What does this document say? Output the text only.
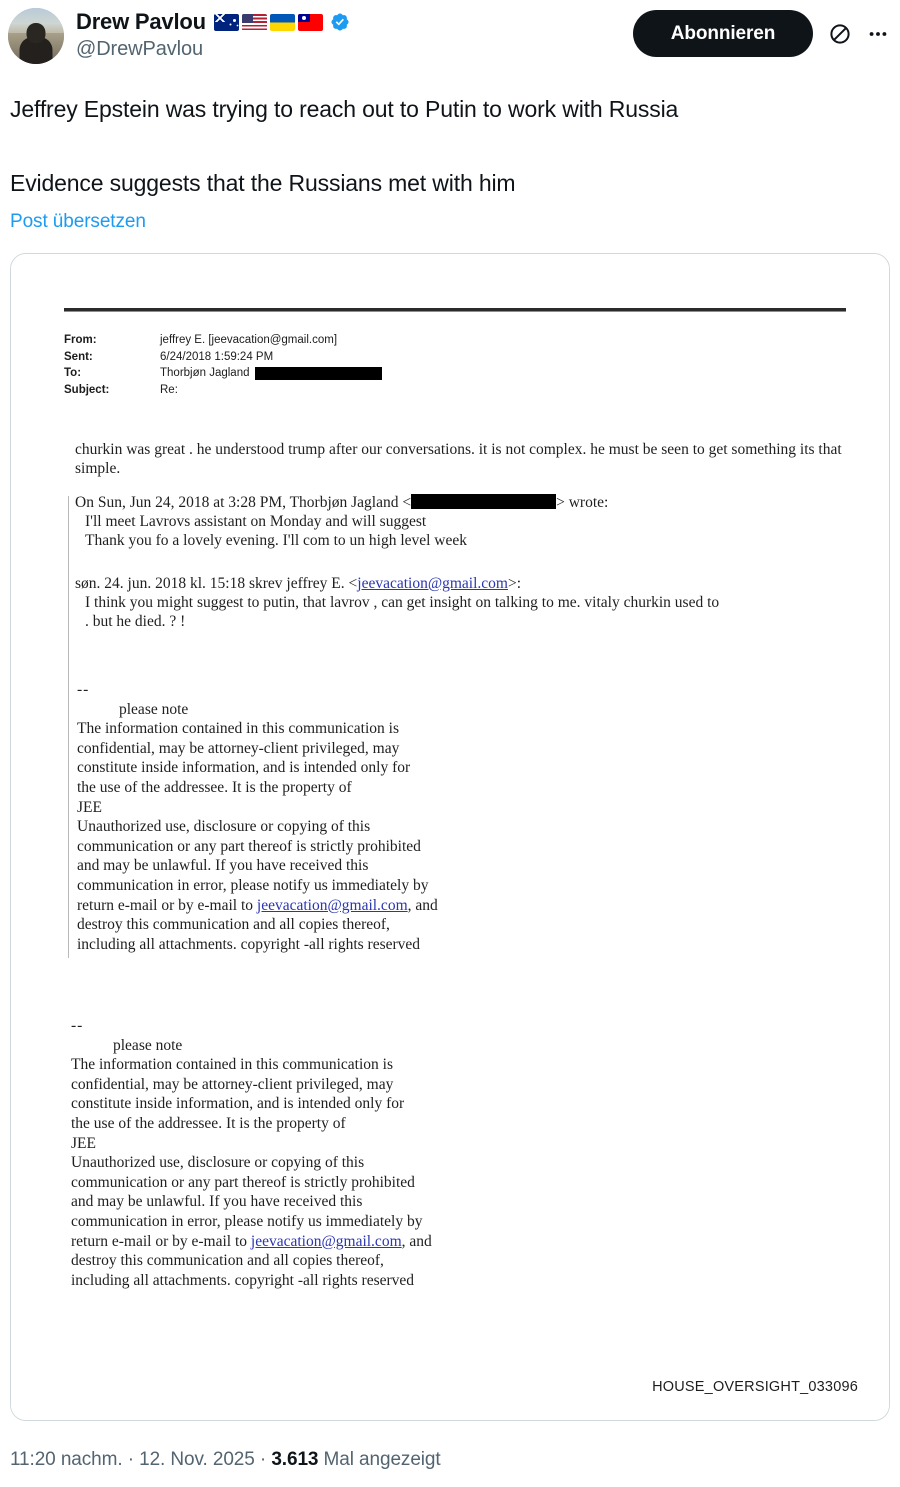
Drew Pavlou
@DrewPavlou
Abonnieren

Jeffrey Epstein was trying to reach out to Putin to work with Russia

Evidence suggests that the Russians met with him

Post übersetzen
From:	jeffrey E. [jeevacation@gmail.com]
Sent:	6/24/2018 1:59:24 PM
To:	Thorbjøn Jagland
Subject:	Re:
churkin was great . he understood trump after our conversations. it is not complex. he must be seen to get something its that simple.
On Sun, Jun 24, 2018 at 3:28 PM, Thorbjøn Jagland <	> wrote:
I'll meet Lavrovs assistant on Monday and will suggest
Thank you fo a lovely evening. I'll com to un high level week
søn. 24. jun. 2018 kl. 15:18 skrev jeffrey E. <jeevacation@gmail.com>:
I think you might suggest to putin, that lavrov , can get insight on talking to me. vitaly churkin used to
. but he died. ? !
--
please note
The information contained in this communication is
confidential, may be attorney-client privileged, may
constitute inside information, and is intended only for
the use of the addressee. It is the property of
JEE
Unauthorized use, disclosure or copying of this
communication or any part thereof is strictly prohibited
and may be unlawful. If you have received this
communication in error, please notify us immediately by
return e-mail or by e-mail to jeevacation@gmail.com, and
destroy this communication and all copies thereof,
including all attachments. copyright -all rights reserved
--
please note
The information contained in this communication is
confidential, may be attorney-client privileged, may
constitute inside information, and is intended only for
the use of the addressee. It is the property of
JEE
Unauthorized use, disclosure or copying of this
communication or any part thereof is strictly prohibited
and may be unlawful. If you have received this
communication in error, please notify us immediately by
return e-mail or by e-mail to jeevacation@gmail.com, and
destroy this communication and all copies thereof,
including all attachments. copyright -all rights reserved
HOUSE_OVERSIGHT_033096
11:20 nachm. · 12. Nov. 2025 · 3.613 Mal angezeigt
